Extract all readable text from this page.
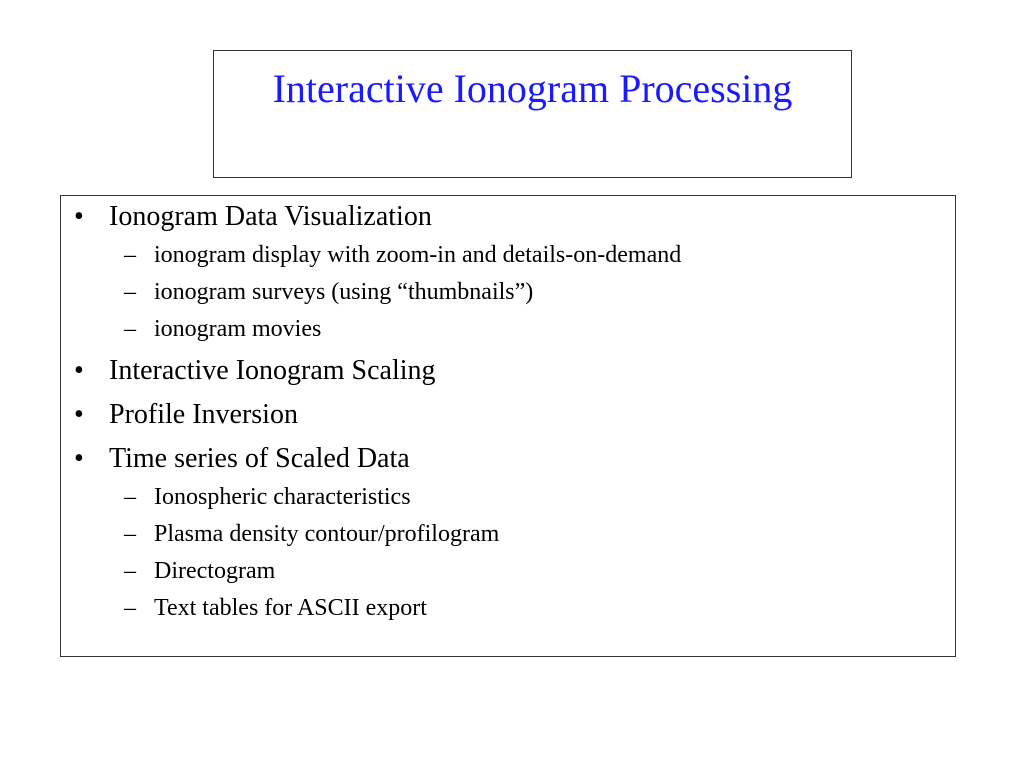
Interactive Ionogram Processing
• Ionogram Data Visualization
– ionogram display with zoom-in and details-on-demand
– ionogram surveys (using “thumbnails”)
– ionogram movies
• Interactive Ionogram Scaling
• Profile Inversion
• Time series of Scaled Data
– Ionospheric characteristics
– Plasma density contour/profilogram
– Directogram
– Text tables for ASCII export
